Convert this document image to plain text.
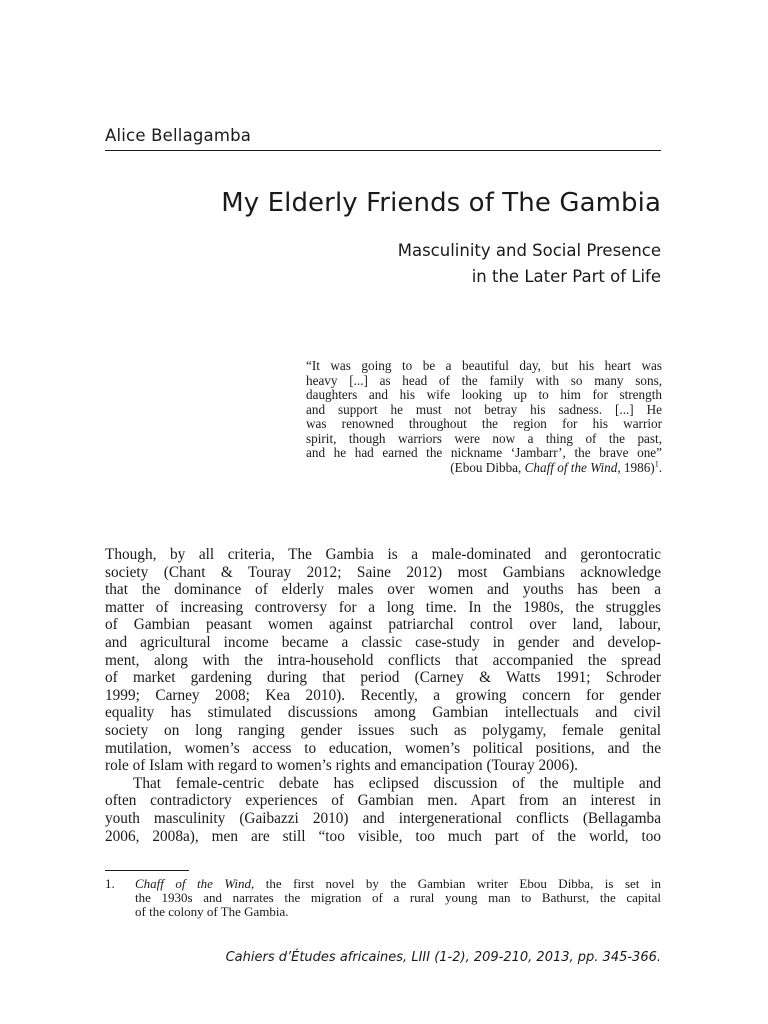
Alice Bellagamba
My Elderly Friends of The Gambia
Masculinity and Social Presence
in the Later Part of Life
“It was going to be a beautiful day, but his heart was
heavy [...] as head of the family with so many sons,
daughters and his wife looking up to him for strength
and support he must not betray his sadness. [...] He
was renowned throughout the region for his warrior
spirit, though warriors were now a thing of the past,
and he had earned the nickname ‘Jambarr’, the brave one”
(Ebou Dibba, Chaff of the Wind, 1986)$^1$.
Though, by all criteria, The Gambia is a male-dominated and gerontocratic
society (Chant & Touray 2012; Saine 2012) most Gambians acknowledge
that the dominance of elderly males over women and youths has been a
matter of increasing controversy for a long time. In the 1980s, the struggles
of Gambian peasant women against patriarchal control over land, labour,
and agricultural income became a classic case-study in gender and develop-
ment, along with the intra-household conflicts that accompanied the spread
of market gardening during that period (Carney & Watts 1991; Schroder
1999; Carney 2008; Kea 2010). Recently, a growing concern for gender
equality has stimulated discussions among Gambian intellectuals and civil
society on long ranging gender issues such as polygamy, female genital
mutilation, women’s access to education, women’s political positions, and the
role of Islam with regard to women’s rights and emancipation (Touray 2006).
That female-centric debate has eclipsed discussion of the multiple and
often contradictory experiences of Gambian men. Apart from an interest in
youth masculinity (Gaibazzi 2010) and intergenerational conflicts (Bellagamba
2006, 2008a), men are still “too visible, too much part of the world, too
1. Chaff of the Wind, the first novel by the Gambian writer Ebou Dibba, is set in
the 1930s and narrates the migration of a rural young man to Bathurst, the capital
of the colony of The Gambia.
Cahiers d’Études africaines, LIII (1-2), 209-210, 2013, pp. 345-366.
